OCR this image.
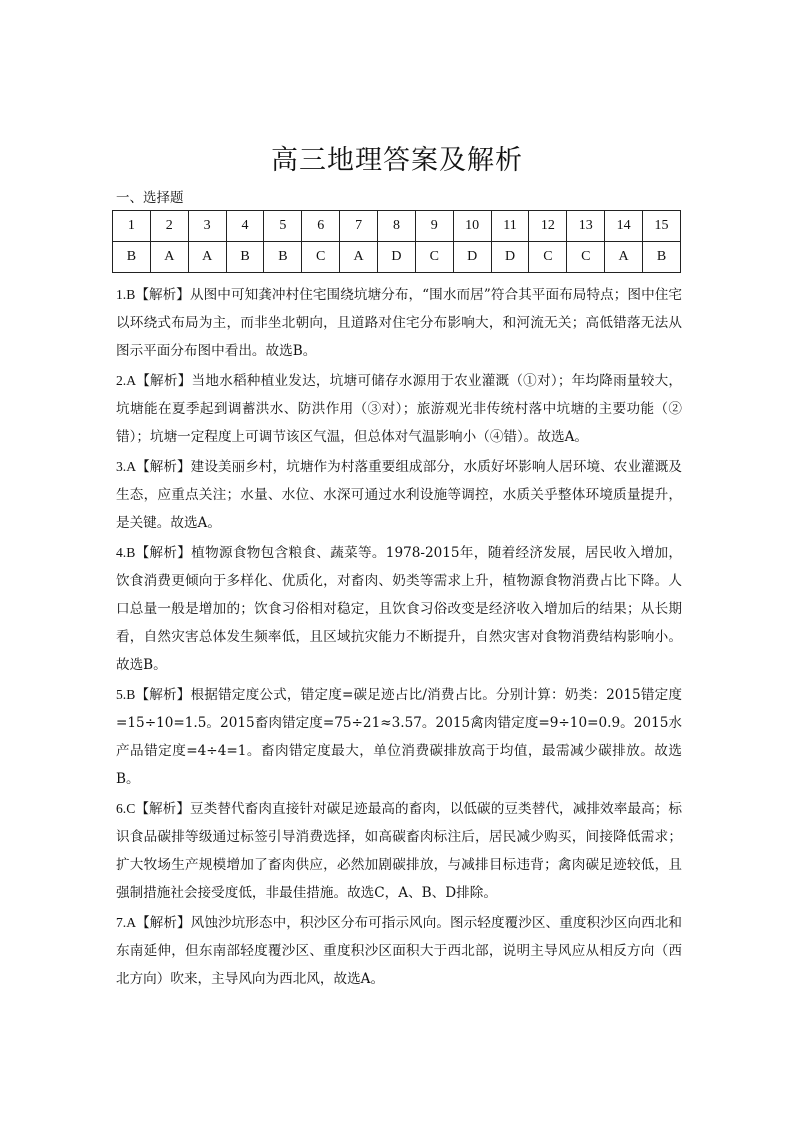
高三地理答案及解析
一、选择题
1	2	3	4	5	6	7	8	9	10	11	12	13	14	15
B	A	A	B	B	C	A	D	C	D	D	C	C	A	B

1.B【解析】从图中可知龚冲村住宅围绕坑塘分布，“围水而居”符合其平面布局特点；图中住宅以环绕式布局为主，而非坐北朝向，且道路对住宅分布影响大，和河流无关；高低错落无法从图示平面分布图中看出。故选B。

2.A【解析】当地水稻种植业发达，坑塘可储存水源用于农业灌溉（①对）；年均降雨量较大，坑塘能在夏季起到调蓄洪水、防洪作用（③对）；旅游观光非传统村落中坑塘的主要功能（②错）；坑塘一定程度上可调节该区气温，但总体对气温影响小（④错）。故选A。

3.A【解析】建设美丽乡村，坑塘作为村落重要组成部分，水质好坏影响人居环境、农业灌溉及生态，应重点关注；水量、水位、水深可通过水利设施等调控，水质关乎整体环境质量提升，是关键。故选A。

4.B【解析】植物源食物包含粮食、蔬菜等。1978-2015年，随着经济发展，居民收入增加，饮食消费更倾向于多样化、优质化，对畜肉、奶类等需求上升，植物源食物消费占比下降。人口总量一般是增加的；饮食习俗相对稳定，且饮食习俗改变是经济收入增加后的结果；从长期看，自然灾害总体发生频率低，且区域抗灾能力不断提升，自然灾害对食物消费结构影响小。故选B。

5.B【解析】根据错定度公式，错定度=碳足迹占比/消费占比。分别计算：奶类：2015错定度=15÷10=1.5。2015畜肉错定度=75÷21≈3.57。2015禽肉错定度=9÷10=0.9。2015水产品错定度=4÷4=1。畜肉错定度最大，单位消费碳排放高于均值，最需减少碳排放。故选B。

6.C【解析】豆类替代畜肉直接针对碳足迹最高的畜肉，以低碳的豆类替代，减排效率最高；标识食品碳排等级通过标签引导消费选择，如高碳畜肉标注后，居民减少购买，间接降低需求；扩大牧场生产规模增加了畜肉供应，必然加剧碳排放，与减排目标违背；禽肉碳足迹较低，且强制措施社会接受度低，非最佳措施。故选C，A、B、D排除。

7.A【解析】风蚀沙坑形态中，积沙区分布可指示风向。图示轻度覆沙区、重度积沙区向西北和东南延伸，但东南部轻度覆沙区、重度积沙区面积大于西北部，说明主导风应从相反方向（西北方向）吹来，主导风向为西北风，故选A。
